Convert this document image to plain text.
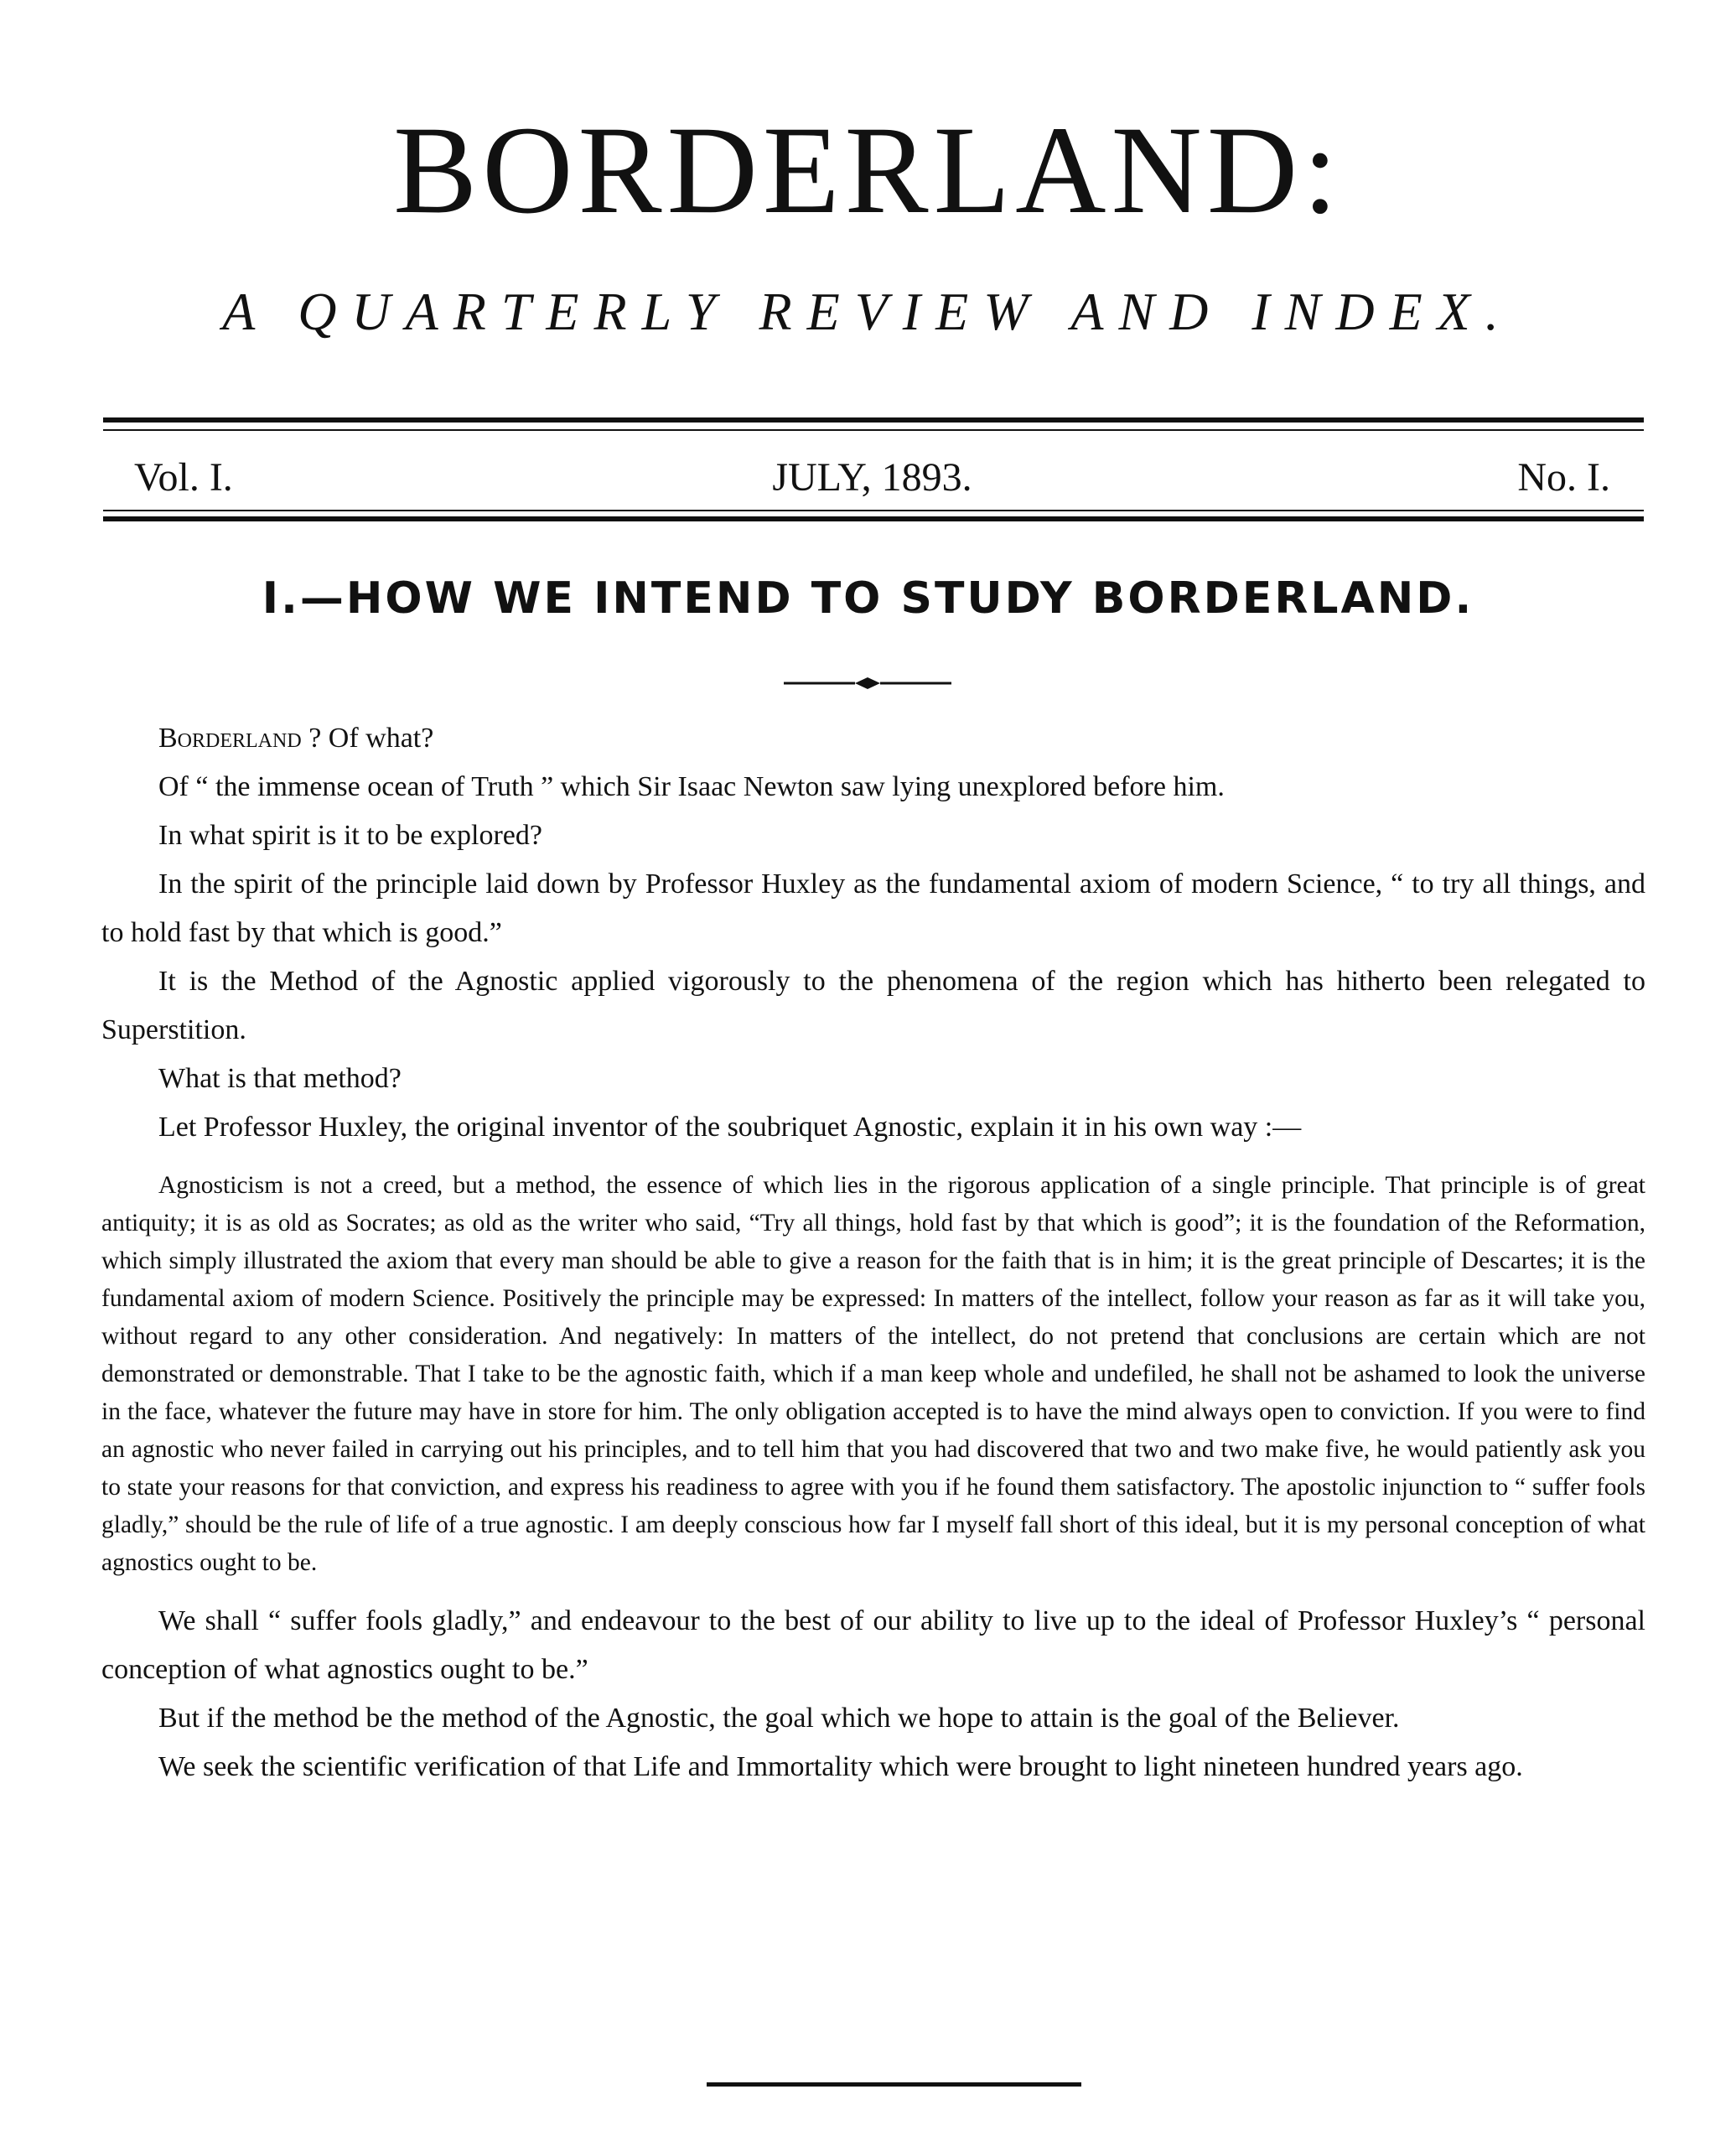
BORDERLAND:
A QUARTERLY REVIEW AND INDEX.
Vol. I.	JULY, 1893.	No. I.
I.—HOW WE INTEND TO STUDY BORDERLAND.

Borderland ? Of what?

Of “ the immense ocean of Truth ” which Sir Isaac Newton saw lying unexplored before him.

In what spirit is it to be explored?

In the spirit of the principle laid down by Professor Huxley as the fundamental axiom of modern Science, “ to try all things, and to hold fast by that which is good.”

It is the Method of the Agnostic applied vigorously to the phenomena of the region which has hitherto been relegated to Superstition.

What is that method?

Let Professor Huxley, the original inventor of the soubriquet Agnostic, explain it in his own way :—

Agnosticism is not a creed, but a method, the essence of which lies in the rigorous application of a single principle. That principle is of great antiquity; it is as old as Socrates; as old as the writer who said, “Try all things, hold fast by that which is good”; it is the foundation of the Reformation, which simply illustrated the axiom that every man should be able to give a reason for the faith that is in him; it is the great principle of Descartes; it is the fundamental axiom of modern Science. Positively the principle may be expressed: In matters of the intellect, follow your reason as far as it will take you, without regard to any other consideration. And negatively: In matters of the intellect, do not pretend that conclusions are certain which are not demonstrated or demonstrable. That I take to be the agnostic faith, which if a man keep whole and undefiled, he shall not be ashamed to look the universe in the face, whatever the future may have in store for him. The only obligation accepted is to have the mind always open to conviction. If you were to find an agnostic who never failed in carrying out his principles, and to tell him that you had discovered that two and two make five, he would patiently ask you to state your reasons for that conviction, and express his readiness to agree with you if he found them satisfactory. The apostolic injunction to “ suffer fools gladly,” should be the rule of life of a true agnostic. I am deeply conscious how far I myself fall short of this ideal, but it is my personal conception of what agnostics ought to be.

We shall “ suffer fools gladly,” and endeavour to the best of our ability to live up to the ideal of Professor Huxley’s “ personal conception of what agnostics ought to be.”

But if the method be the method of the Agnostic, the goal which we hope to attain is the goal of the Believer.

We seek the scientific verification of that Life and Immortality which were brought to light nineteen hundred years ago.
